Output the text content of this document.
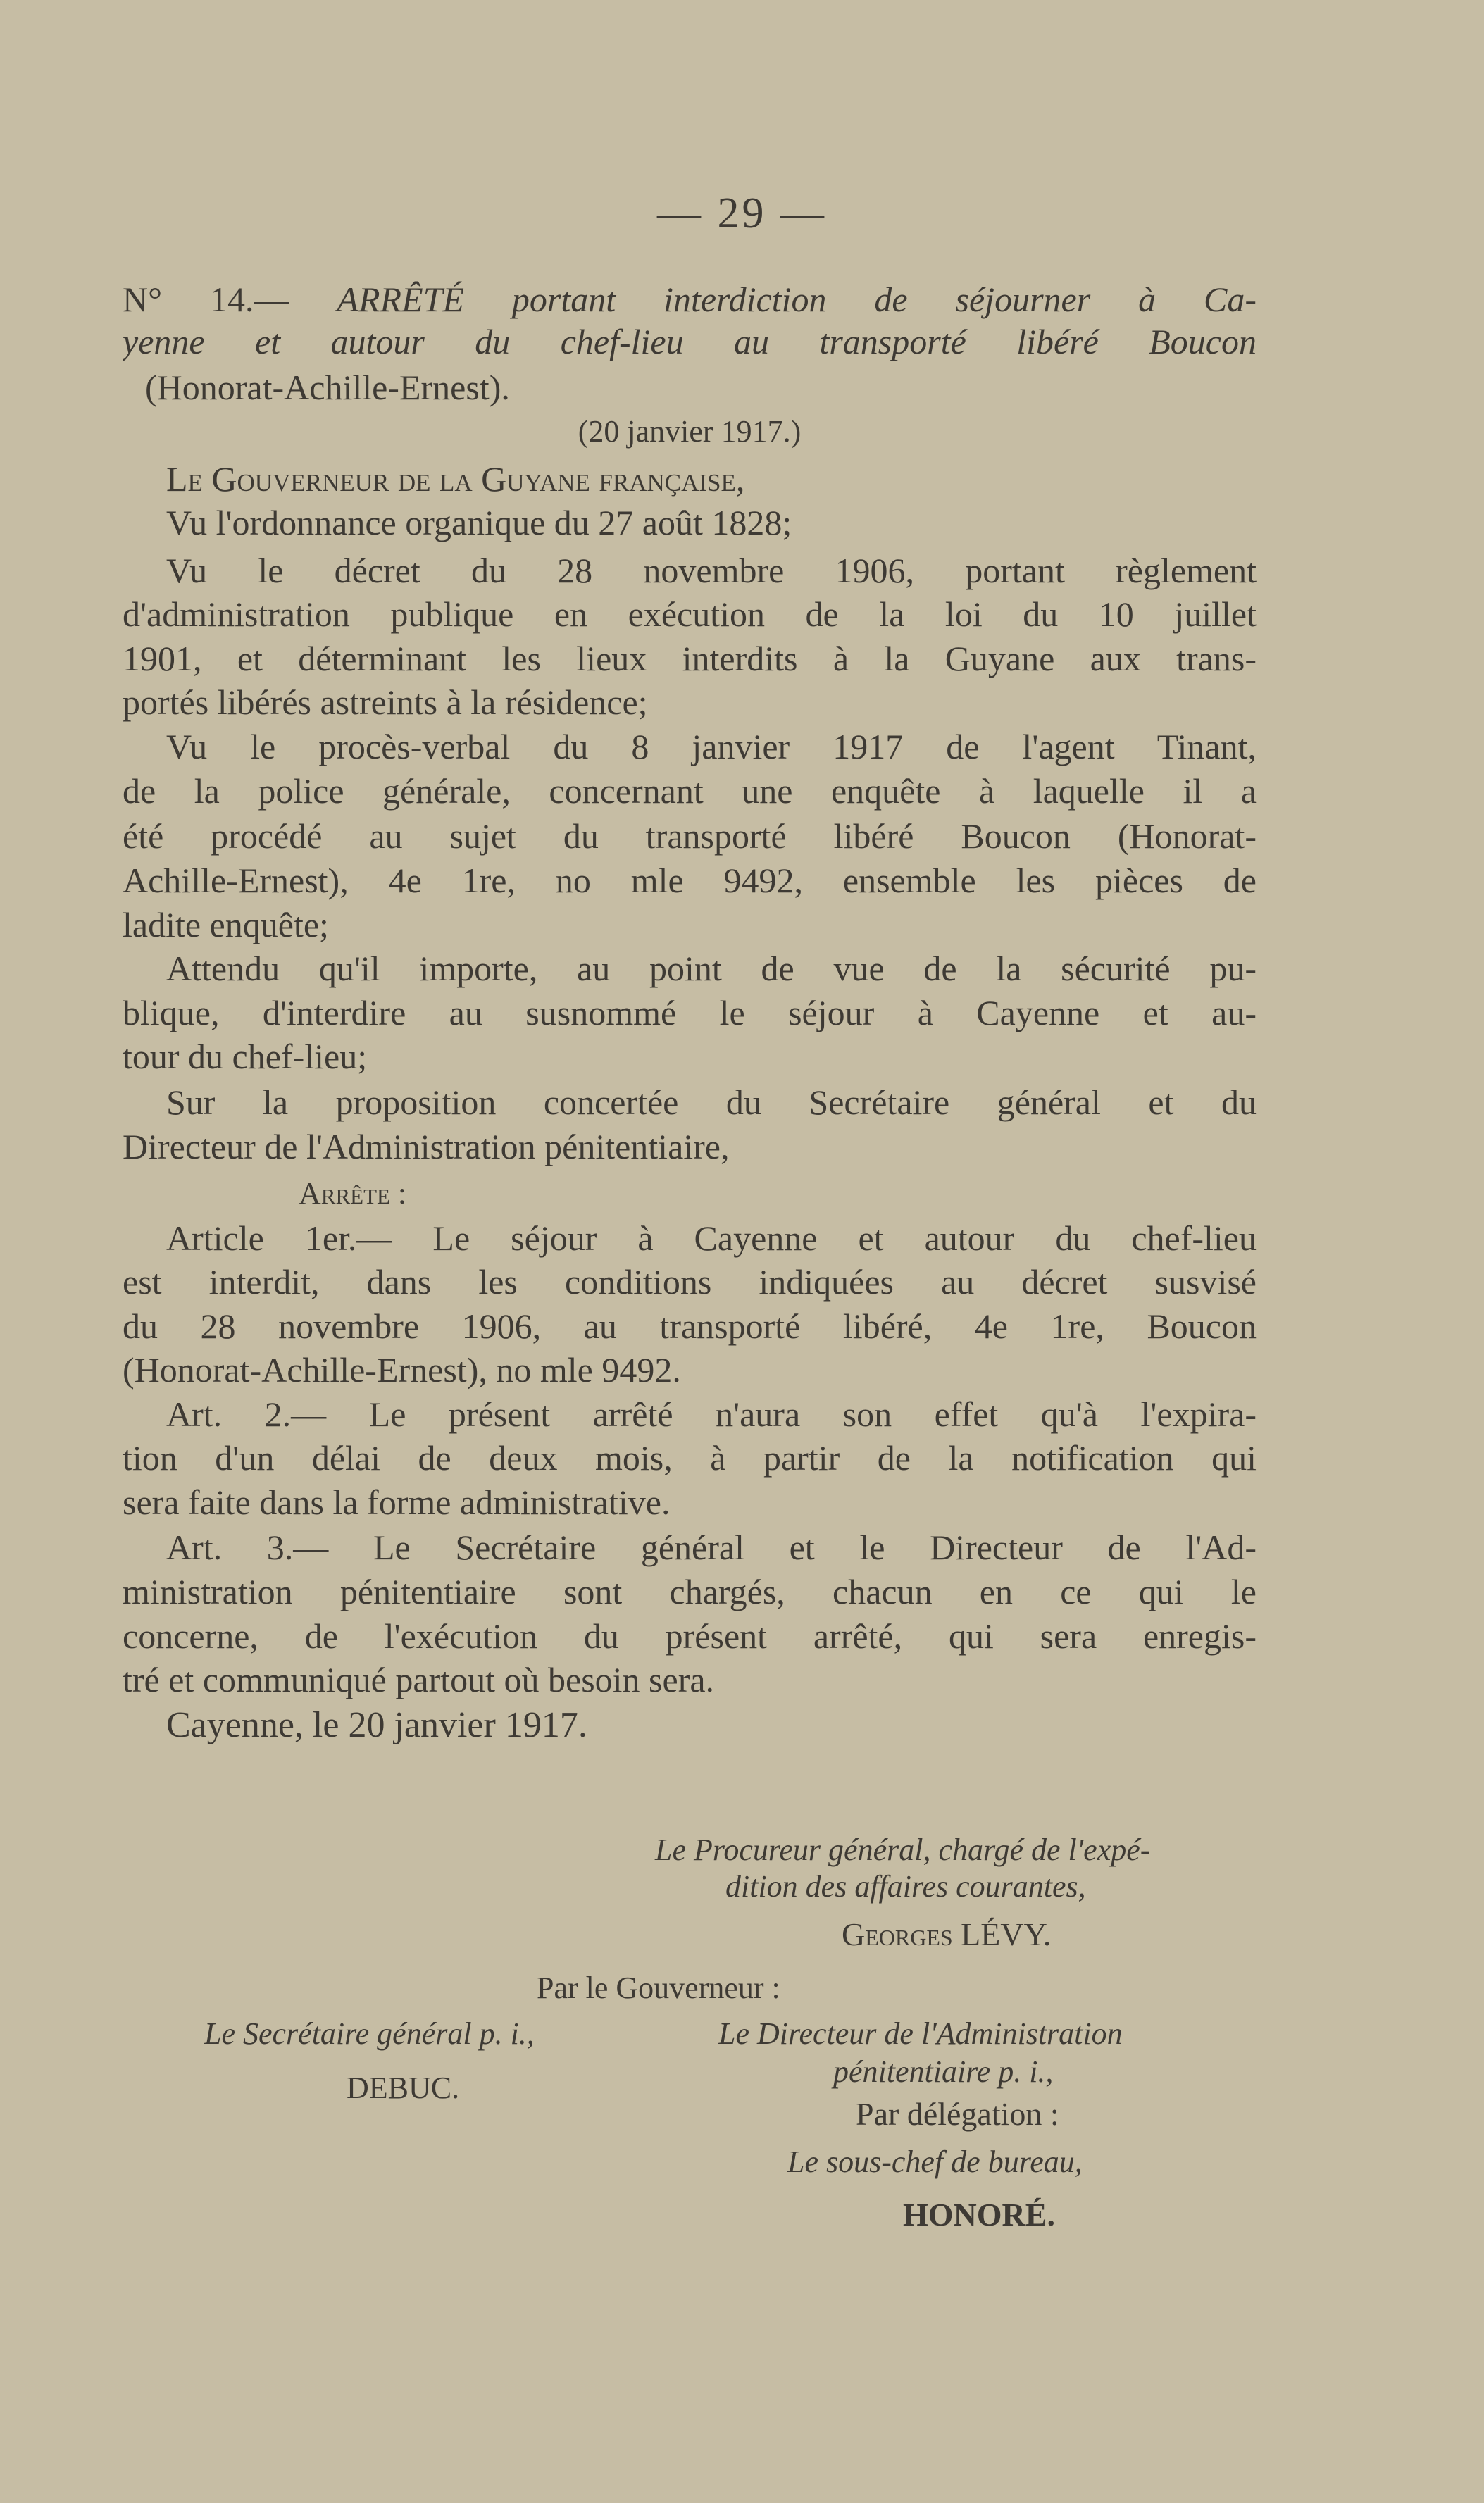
— 29 —
N° 14.— ARRÊTÉ portant interdiction de séjourner à Ca-
yenne et autour du chef-lieu au transporté libéré Boucon
(Honorat-Achille-Ernest).
(20 janvier 1917.)
Le Gouverneur de la Guyane française,
Vu l'ordonnance organique du 27 août 1828;
Vu le décret du 28 novembre 1906, portant règlement
d'administration publique en exécution de la loi du 10 juillet
1901, et déterminant les lieux interdits à la Guyane aux trans-
portés libérés astreints à la résidence;
Vu le procès-verbal du 8 janvier 1917 de l'agent Tinant,
de la police générale, concernant une enquête à laquelle il a
été procédé au sujet du transporté libéré Boucon (Honorat-
Achille-Ernest), 4e 1re, no mle 9492, ensemble les pièces de
ladite enquête;
Attendu qu'il importe, au point de vue de la sécurité pu-
blique, d'interdire au susnommé le séjour à Cayenne et au-
tour du chef-lieu;
Sur la proposition concertée du Secrétaire général et du
Directeur de l'Administration pénitentiaire,
Arrête :
Article 1er.— Le séjour à Cayenne et autour du chef-lieu
est interdit, dans les conditions indiquées au décret susvisé
du 28 novembre 1906, au transporté libéré, 4e 1re, Boucon
(Honorat-Achille-Ernest), no mle 9492.
Art. 2.— Le présent arrêté n'aura son effet qu'à l'expira-
tion d'un délai de deux mois, à partir de la notification qui
sera faite dans la forme administrative.
Art. 3.— Le Secrétaire général et le Directeur de l'Ad-
ministration pénitentiaire sont chargés, chacun en ce qui le
concerne, de l'exécution du présent arrêté, qui sera enregis-
tré et communiqué partout où besoin sera.
Cayenne, le 20 janvier 1917.
Le Procureur général, chargé de l'expé-
dition des affaires courantes,
Georges LÉVY.
Par le Gouverneur :
Le Secrétaire général p. i.,
DEBUC.
Le Directeur de l'Administration
pénitentiaire p. i.,
Par délégation :
Le sous-chef de bureau,
HONORÉ.
